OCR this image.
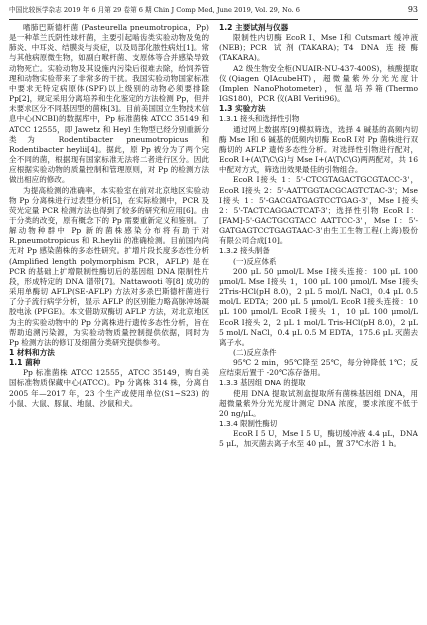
中国比较医学杂志 2019 年 6 月第 29 卷第 6 期 Chin J Comp Med, June 2019, Vol. 29, No. 6	93

嗜肺巴斯德杆菌 (Pasteurella pneumotropica，Pp) 是一种革兰氏阴性球杆菌，主要引起啮齿类实验动物及兔的肺炎、中耳炎、结膜炎与炎症，以及局部化脓性病灶[1]。常与其他病原微生物，如副白喉杆菌、支原体等合并感染导致动物死亡。实验动物及其设施内污染后很难去除，给饲养管理和动物实验带来了非常多的干扰。我国实验动物国家标准中要求无特定病原体(SPF)以上级别的动物必须要排除 Pp[2]，规定采用分离培养和生化鉴定的方法检测 Pp，但并未要求区分不同基因型的菌株[3]。目前美国国立生物技术信息中心(NCBI)的数据库中，Pp 标准菌株 ATCC 35149 和 ATCC 12555，即 Jawetz 和 Heyl 生物型已经分别重新分类为 Rodentibacter pneumotropicus 和 Rodentibacter heylii[4]。据此，原 Pp 被分为了两个完全不同的菌，根据现有国家标准无法将二者进行区分。因此应根据实验动物的质量控制和管理原则，对 Pp 的检测方法做出相应的修改。

为提高检测的准确率，本实验室在前对北京地区实验动物 Pp 分离株进行过表型分析[5]，在实际检测中，PCR 及荧光定量 PCR 检测方法也得到了较多的研究和应用[6]。由于分类的改变，原有概念下的 Pp 需要重新定义和鉴别。了解动物种群中 Pp 新的菌株感染分布将有助于对 R.pneumotropicus 和 R.heylii 的准确检测。目前国内尚无对 Pp 感染菌株的多态性研究。扩增片段长度多态性分析(Amplified length polymorphism PCR，AFLP) 是在 PCR 的基础上扩增限制性酶切后的基因组 DNA 限制性片段，形成特定的 DNA 谱带[7]。Nattawooti 等[8] 成功的采用单酶切 AFLP(SE-AFLP) 方法对多杀巴斯德杆菌进行了分子流行病学分析，显示 AFLP 的区别能力略高脉冲场凝胶电泳 (PFGE)。本文借助双酶切 AFLP 方法，对北京地区为主的实验动物中的 Pp 分离株进行遗传多态性分析，旨在帮助追溯污染源，为实验动物质量控制提供依据，同时为 Pp 检测方法的修订及细菌分类研究提供参考。

1 材料和方法
1.1 菌种

Pp 标准菌株 ATCC 12555，ATCC 35149，购自美国标准物质保藏中心(ATCC)。Pp 分离株 314 株，分离自 2005 年—2017 年，23 个生产或使用单位(S1~S23) 的小鼠、大鼠、豚鼠、地鼠、沙鼠和犬。

1.2 主要试剂与仪器

限制性内切酶 EcoR Ⅰ、Mse Ⅰ和 Cutsmart 缓冲液(NEB)；PCR 试剂(TAKARA)；T4 DNA 连接酶(TAKARA)。

A2 级生物安全柜(NUAIR-NU-437-400S)，核酸提取仪(Qiagen QIAcubeHT)，超微量紫外分光光度计(Implen NanoPhotometer)，恒温培养箱(Thermo IGS180)，PCR 仪(ABI Veriti96)。

1.3 实验方法
1.3.1 接头和选择性引物

通过网上数据库[9]模拟筛选，选择 4 碱基的高频内切酶 Mse Ⅰ和 6 碱基的低频内切酶 EcoR Ⅰ对 Pp 菌株进行双酶切的 AFLP 遗传多态性分析。对选择性引物进行配对，EcoR Ⅰ+(A\T\C\G)与 Mse Ⅰ+(A\T\C\G)两两配对，共 16 中配对方式，筛选出效果最佳的引物组合。

EcoR Ⅰ接头 1：5'-CTCGTAGACTGCGTACC-3'，EcoR Ⅰ接头 2：5'-AATTGGTACGCAGTCTAC-3'；Mse Ⅰ接头 1：5'-GACGATGAGTCCTGAG-3'，Mse Ⅰ接头 2：5'-TACTCAGGACTCAT-3'；选择性引物 EcoR Ⅰ：[FAM]-5'-GACTGCGTACC AATTCC-3'，Mse Ⅰ：5'-GATGAGTCCTGAGTAAC-3'由生工生物工程(上海)股份有限公司合成[10]。

1.3.2 接头制备
(一)反应体系

200 μL 50 μmol/L Mse Ⅰ接头连接：100 μL 100 μmol/L Mse Ⅰ接头 1，100 μL 100 μmol/L Mse Ⅰ接头 2Tris-HCl(pH 8.0)，2 μL 5 mol/L NaCl，0.4 μL 0.5 mol/L EDTA；200 μL 5 μmol/L EcoR Ⅰ接头连接：10 μL 100 μmol/L EcoR Ⅰ接头 1，10 μL 100 μmol/L EcoR Ⅰ接头 2，2 μL 1 mol/L Tris-HCl(pH 8.0)，2 μL 5 mol/L NaCl，0.4 μL 0.5 M EDTA，175.6 μL 灭菌去离子水。

(二)反应条件

95℃ 2 min，95℃降至 25℃，每分钟降低 1℃；反应结束后置于 -20℃冻存备用。

1.3.3 基因组 DNA 的提取

使用 DNA 提取试剂盒提取所有菌株基因组 DNA，用超微量紫外分光光度计测定 DNA 浓度，要求浓度不低于 20 ng/μL。

1.3.4 限制性酶切

EcoR Ⅰ 5 U，Mse Ⅰ 5 U，酶切缓冲液 4.4 μL，DNA 5 μL，加灭菌去离子水至 40 μL，置 37℃水浴 1 h。
